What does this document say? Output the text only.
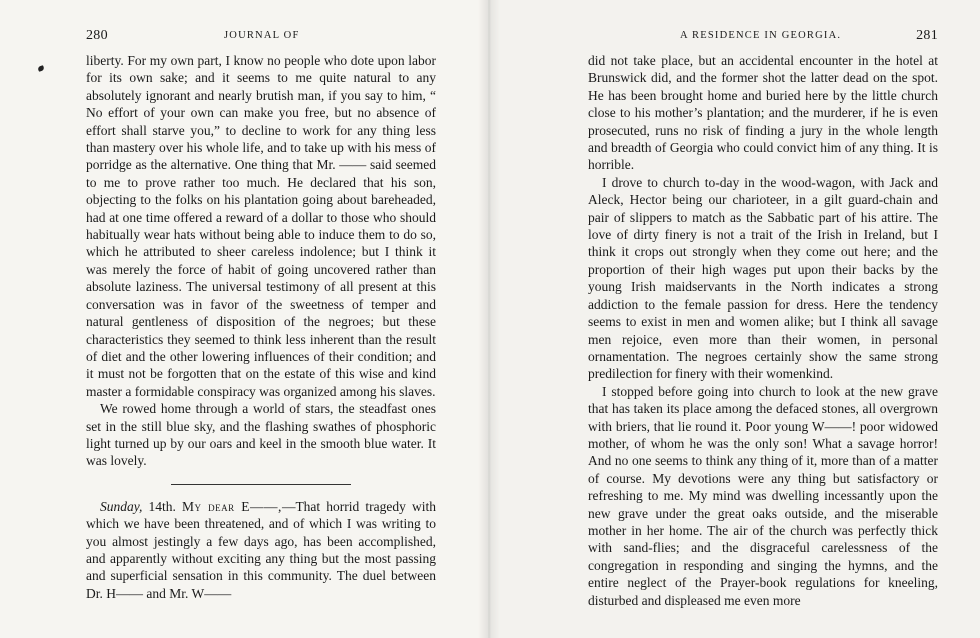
280	JOURNAL OF

liberty. For my own part, I know no people who dote upon labor for its own sake; and it seems to me quite natural to any absolutely ignorant and nearly brutish man, if you say to him, “ No effort of your own can make you free, but no absence of effort shall starve you,” to decline to work for any thing less than mastery over his whole life, and to take up with his mess of porridge as the alternative. One thing that Mr. —— said seemed to me to prove rather too much. He declared that his son, objecting to the folks on his plantation going about bareheaded, had at one time offered a reward of a dollar to those who should habitually wear hats without being able to induce them to do so, which he attributed to sheer careless indolence; but I think it was merely the force of habit of going uncovered rather than absolute laziness. The universal testimony of all present at this conversation was in favor of the sweetness of temper and natural gentleness of disposition of the negroes; but these characteristics they seemed to think less inherent than the result of diet and the other lowering influences of their condition; and it must not be forgotten that on the estate of this wise and kind master a formidable conspiracy was organized among his slaves.

We rowed home through a world of stars, the steadfast ones set in the still blue sky, and the flashing swathes of phosphoric light turned up by our oars and keel in the smooth blue water. It was lovely.

Sunday, 14th. My dear E——,—That horrid tragedy with which we have been threatened, and of which I was writing to you almost jestingly a few days ago, has been accomplished, and apparently without exciting any thing but the most passing and superficial sensation in this community. The duel between Dr. H—— and Mr. W——

A RESIDENCE IN GEORGIA.	281

did not take place, but an accidental encounter in the hotel at Brunswick did, and the former shot the latter dead on the spot. He has been brought home and buried here by the little church close to his mother’s plantation; and the murderer, if he is even prosecuted, runs no risk of finding a jury in the whole length and breadth of Georgia who could convict him of any thing. It is horrible.

I drove to church to-day in the wood-wagon, with Jack and Aleck, Hector being our charioteer, in a gilt guard-chain and pair of slippers to match as the Sabbatic part of his attire. The love of dirty finery is not a trait of the Irish in Ireland, but I think it crops out strongly when they come out here; and the proportion of their high wages put upon their backs by the young Irish maidservants in the North indicates a strong addiction to the female passion for dress. Here the tendency seems to exist in men and women alike; but I think all savage men rejoice, even more than their women, in personal ornamentation. The negroes certainly show the same strong predilection for finery with their womenkind.

I stopped before going into church to look at the new grave that has taken its place among the defaced stones, all overgrown with briers, that lie round it. Poor young W——! poor widowed mother, of whom he was the only son! What a savage horror! And no one seems to think any thing of it, more than of a matter of course. My devotions were any thing but satisfactory or refreshing to me. My mind was dwelling incessantly upon the new grave under the great oaks outside, and the miserable mother in her home. The air of the church was perfectly thick with sand-flies; and the disgraceful carelessness of the congregation in responding and singing the hymns, and the entire neglect of the Prayer-book regulations for kneeling, disturbed and displeased me even more
